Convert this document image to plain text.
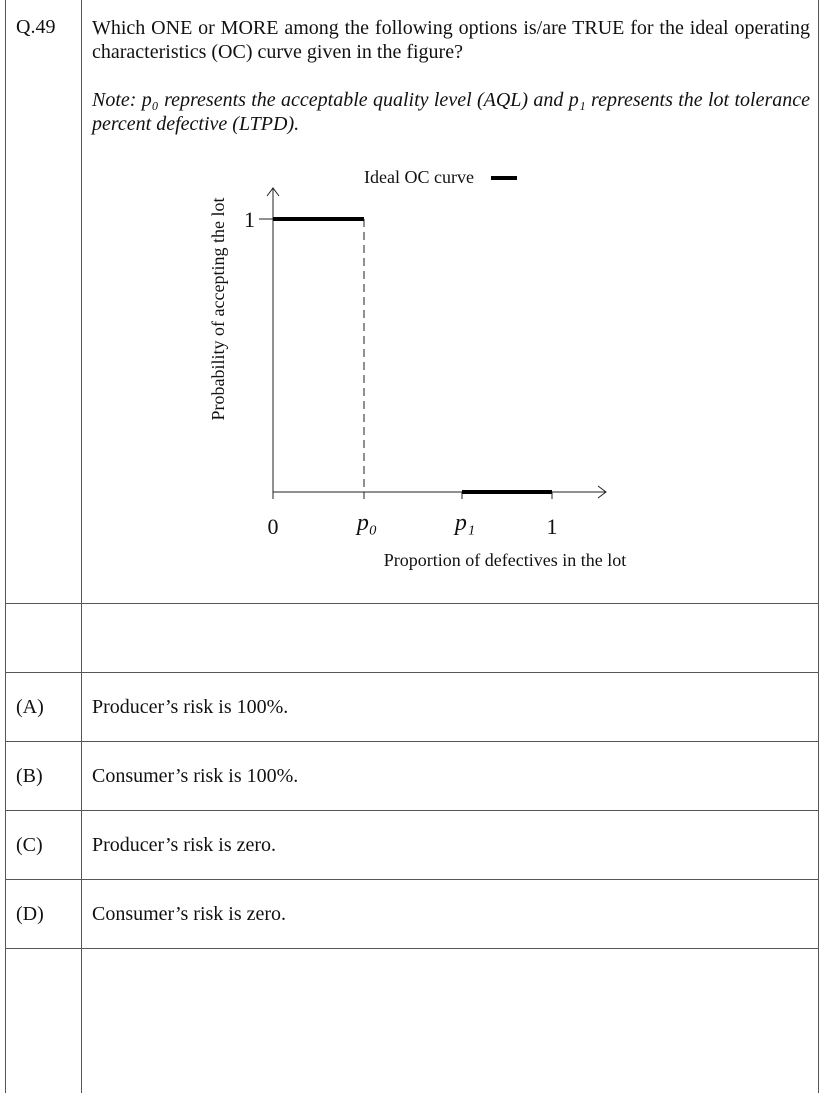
Q.49 Which ONE or MORE among the following options is/are TRUE for the ideal operating characteristics (OC) curve given in the figure?
Note: p₀ represents the acceptable quality level (AQL) and p₁ represents the lot tolerance percent defective (LTPD).
Ideal OC curve
1
Probability of accepting the lot
0	p₀	p₁	1
Proportion of defectives in the lot
(A) Producer’s risk is 100%.
(B) Consumer’s risk is 100%.
(C) Producer’s risk is zero.
(D) Consumer’s risk is zero.
